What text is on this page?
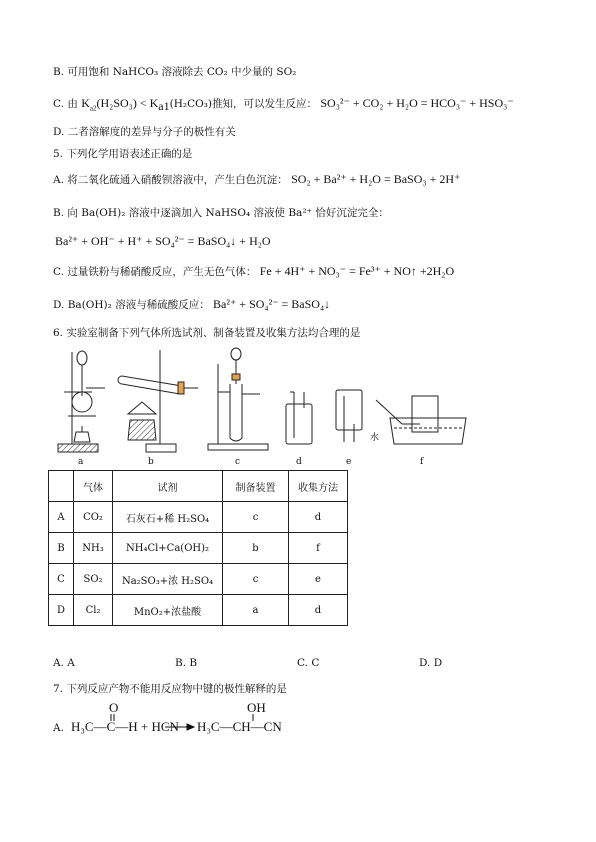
B. 可用饱和 NaHCO₃ 溶液除去 CO₂ 中少量的 SO₂
C. 由 $K_{a2}(H_2SO_3) < K_{a1}(H_2CO_3)$推知，可以发生反应： SO₃²⁻ + CO₂ + H₂O = HCO₃⁻ + HSO₃⁻
D. 二者溶解度的差异与分子的极性有关
5. 下列化学用语表述正确的是
A. 将二氧化硫通入硝酸钡溶液中，产生白色沉淀： SO₂ + Ba²⁺ + H₂O = BaSO₃ + 2H⁺
B. 向 Ba(OH)₂ 溶液中逐滴加入 NaHSO₄ 溶液使 Ba²⁺ 恰好沉淀完全：
Ba²⁺ + OH⁻ + H⁺ + SO₄²⁻ = BaSO₄↓ + H₂O
C. 过量铁粉与稀硝酸反应，产生无色气体： Fe + 4H⁺ + NO₃⁻ = Fe³⁺ + NO↑ +2H₂O
D. Ba(OH)₂ 溶液与稀硫酸反应： Ba²⁺ + SO₄²⁻ = BaSO₄↓
6. 实验室制备下列气体所选试剂、制备装置及收集方法均合理的是
a	b	c	d	e	f
水
	气体	试剂	制备装置	收集方法
A	CO₂	石灰石+稀 H₂SO₄	c	d
B	NH₃	NH₄Cl+Ca(OH)₂	b	f
C	SO₂	Na₂SO₃+浓 H₂SO₄	c	e
D	Cl₂	MnO₂+浓盐酸	a	d
A. A	B. B	C. C	D. D
7. 下列反应产物不能用反应物中键的极性解释的是
A. H₃C—C—H + HCN
O
H₃C—CH—CN
OH
